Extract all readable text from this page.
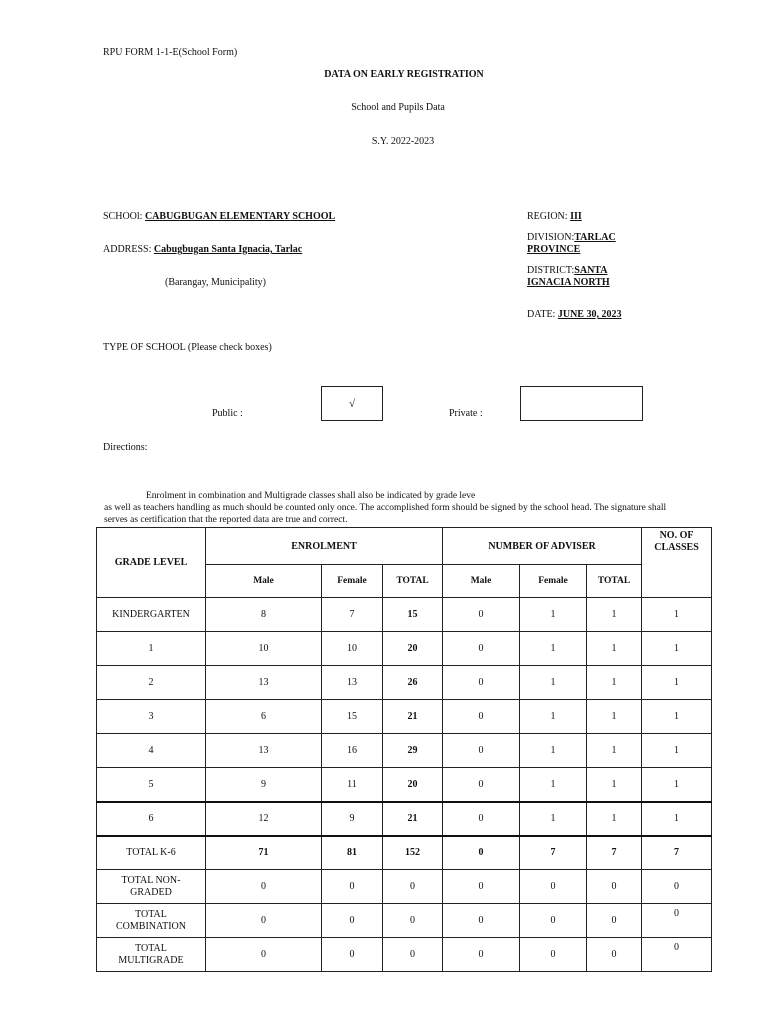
RPU FORM 1-1-E(School Form)
DATA ON EARLY REGISTRATION
School and Pupils Data
S.Y. 2022-2023
SCHOOl: CABUGBUGAN ELEMENTARY SCHOOL
ADDRESS: Cabugbugan Santa Ignacia, Tarlac
(Barangay, Municipality)
REGION: III
DIVISION:TARLAC
PROVINCE
DISTRICT:SANTA
IGNACIA NORTH
DATE: JUNE 30, 2023
TYPE OF SCHOOL (Please check boxes)
Public :
√
Private :
Directions:
Enrolment in combination and Multigrade classes shall also be indicated by grade leve
as well as teachers handling as much should be counted only once. The accomplished form should be signed by the school head. The signature shall
serves as certification that the reported data are true and correct.
GRADE LEVEL	ENROLMENT			NUMBER OF ADVISER			NO. OF CLASSES
	Male	Female	TOTAL	Male	Female	TOTAL	
KINDERGARTEN	8	7	15	0	1	1	1
1	10	10	20	0	1	1	1
2	13	13	26	0	1	1	1
3	6	15	21	0	1	1	1
4	13	16	29	0	1	1	1
5	9	11	20	0	1	1	1
6	12	9	21	0	1	1	1
TOTAL K-6	71	81	152	0	7	7	7
TOTAL NON-
GRADED	0	0	0	0	0	0	0
TOTAL
COMBINATION	0	0	0	0	0	0	0
TOTAL
MULTIGRADE	0	0	0	0	0	0	0
